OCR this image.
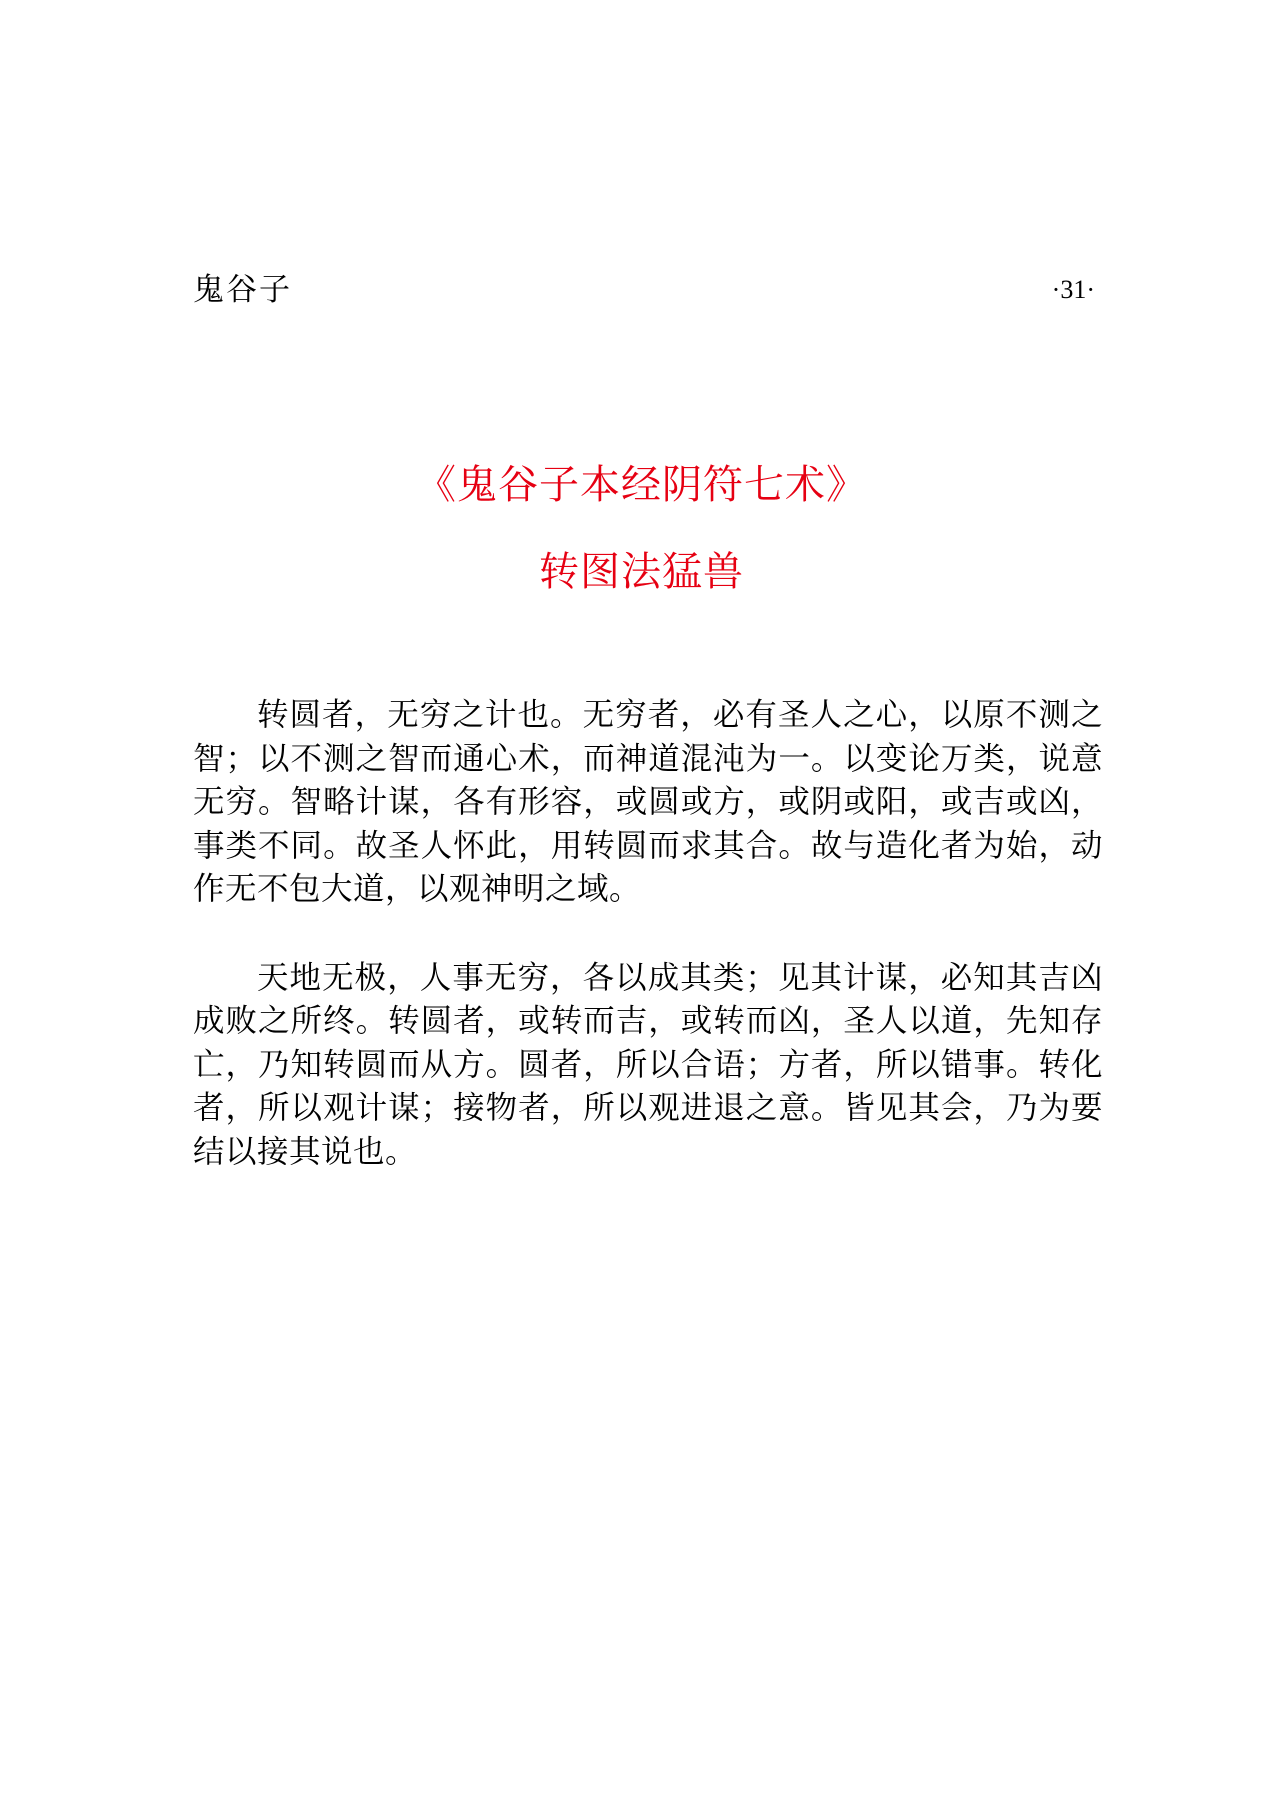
鬼谷子	·31·
《鬼谷子本经阴符七术》
转图法猛兽

转圆者，无穷之计也。无穷者，必有圣人之心，以原不测之智；以不测之智而通心术，而神道混沌为一。以变论万类，说意无穷。智略计谋，各有形容，或圆或方，或阴或阳，或吉或凶，事类不同。故圣人怀此，用转圆而求其合。故与造化者为始，动作无不包大道，以观神明之域。

天地无极，人事无穷，各以成其类；见其计谋，必知其吉凶成败之所终。转圆者，或转而吉，或转而凶，圣人以道，先知存亡，乃知转圆而从方。圆者，所以合语；方者，所以错事。转化者，所以观计谋；接物者，所以观进退之意。皆见其会，乃为要结以接其说也。
